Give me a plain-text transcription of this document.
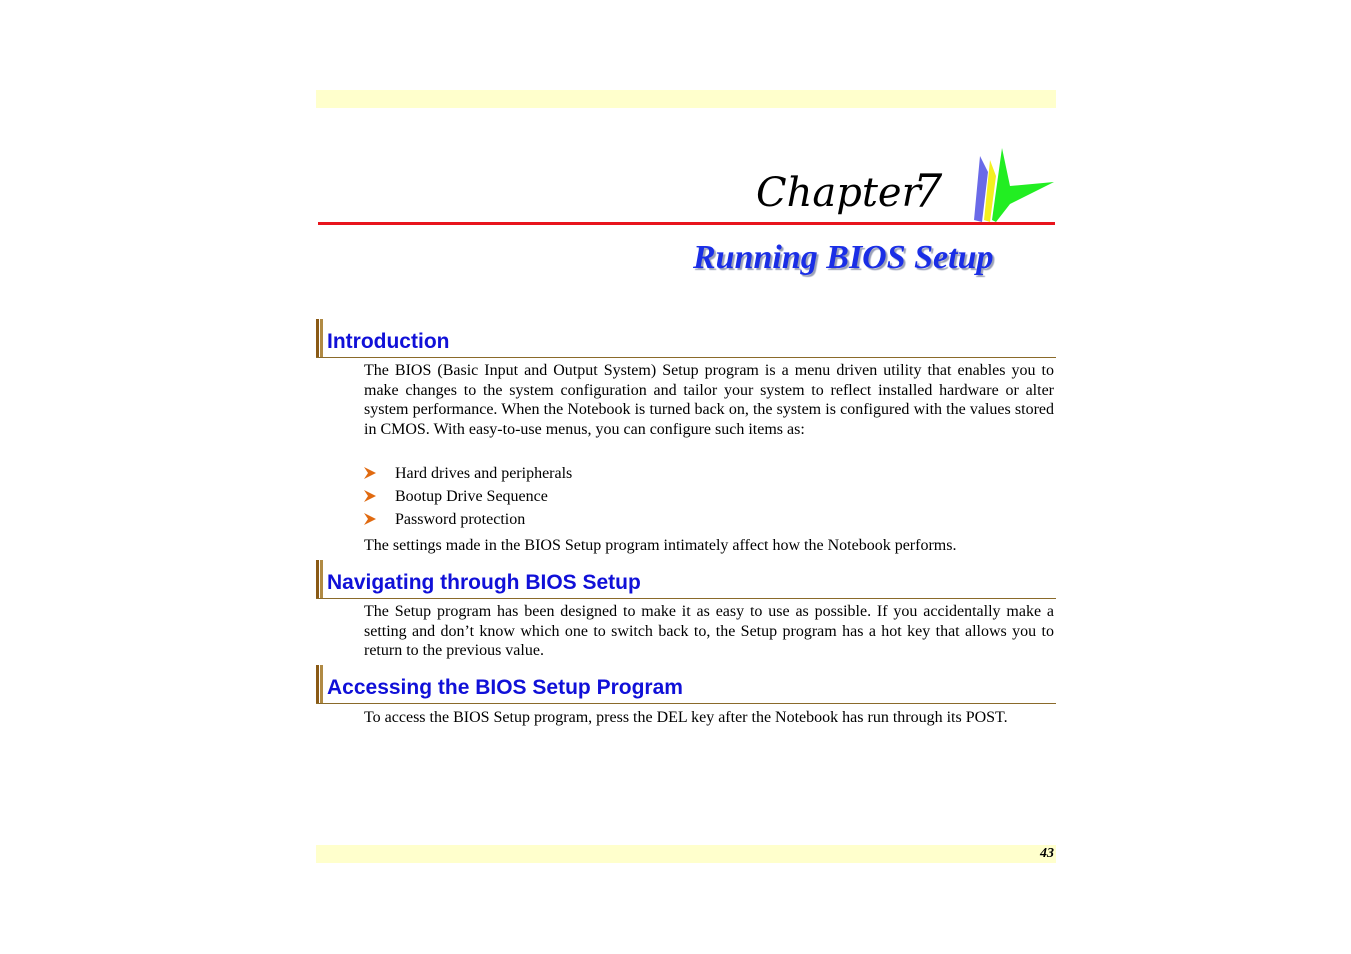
Chapter
7
Running BIOS Setup
Introduction

The BIOS (Basic Input and Output System) Setup program is a menu driven utility that enables you to make changes to the system configuration and tailor your system to reflect installed hardware or alter system performance. When the Notebook is turned back on, the system is configured with the values stored in CMOS. With easy-to-use menus, you can configure such items as:

Hard drives and peripherals
Bootup Drive Sequence
Password protection

The settings made in the BIOS Setup program intimately affect how the Notebook performs.

Navigating through BIOS Setup

The Setup program has been designed to make it as easy to use as possible. If you accidentally make a setting and don’t know which one to switch back to, the Setup program has a hot key that allows you to return to the previous value.

Accessing the BIOS Setup Program

To access the BIOS Setup program, press the DEL key after the Notebook has run through its POST.

43
